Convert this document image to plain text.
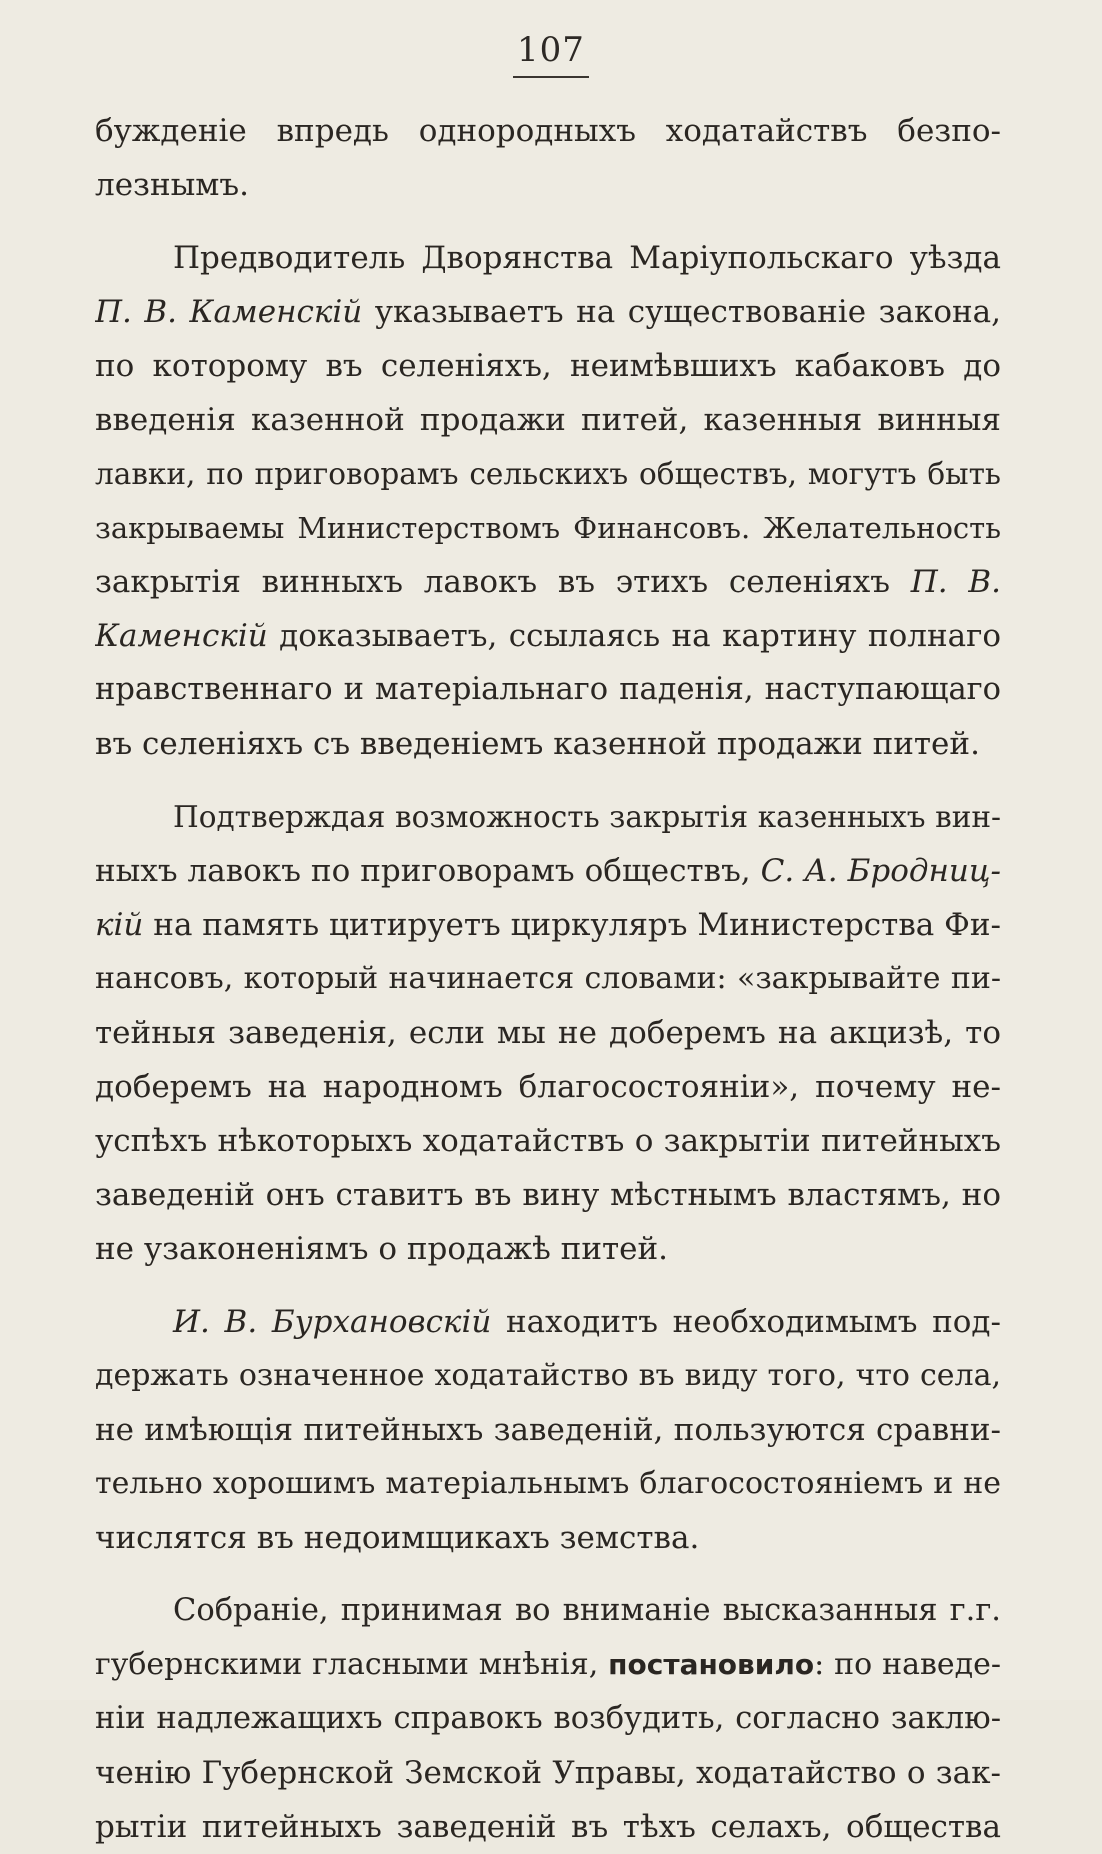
107
бужденіе впредь однородныхъ ходатайствъ безпо-
лезнымъ.
Предводитель Дворянства Маріупольскаго уѣзда
П. В. Каменскій указываетъ на существованіе закона,
по которому въ селеніяхъ, неимѣвшихъ кабаковъ до
введенія казенной продажи питей, казенныя винныя
лавки, по приговорамъ сельскихъ обществъ, могутъ быть
закрываемы Министерствомъ Финансовъ. Желательность
закрытія винныхъ лавокъ въ этихъ селеніяхъ П. В.
Каменскій доказываетъ, ссылаясь на картину полнаго
нравственнаго и матеріальнаго паденія, наступающаго
въ селеніяхъ съ введеніемъ казенной продажи питей.
Подтверждая возможность закрытія казенныхъ вин-
ныхъ лавокъ по приговорамъ обществъ, С. А. Бродниц-
кій на память цитируетъ циркуляръ Министерства Фи-
нансовъ, который начинается словами: «закрывайте пи-
тейныя заведенія, если мы не доберемъ на акцизѣ, то
доберемъ на народномъ благосостояніи», почему не-
успѣхъ нѣкоторыхъ ходатайствъ о закрытіи питейныхъ
заведеній онъ ставитъ въ вину мѣстнымъ властямъ, но
не узаконеніямъ о продажѣ питей.
И. В. Бурхановскій находитъ необходимымъ под-
держать означенное ходатайство въ виду того, что села,
не имѣющія питейныхъ заведеній, пользуются сравни-
тельно хорошимъ матеріальнымъ благосостояніемъ и не
числятся въ недоимщикахъ земства.
Собраніе, принимая во вниманіе высказанныя г.г.
губернскими гласными мнѣнія, постановило: по наведе-
ніи надлежащихъ справокъ возбудить, согласно заклю-
ченію Губернской Земской Управы, ходатайство о зак-
рытіи питейныхъ заведеній въ тѣхъ селахъ, общества
